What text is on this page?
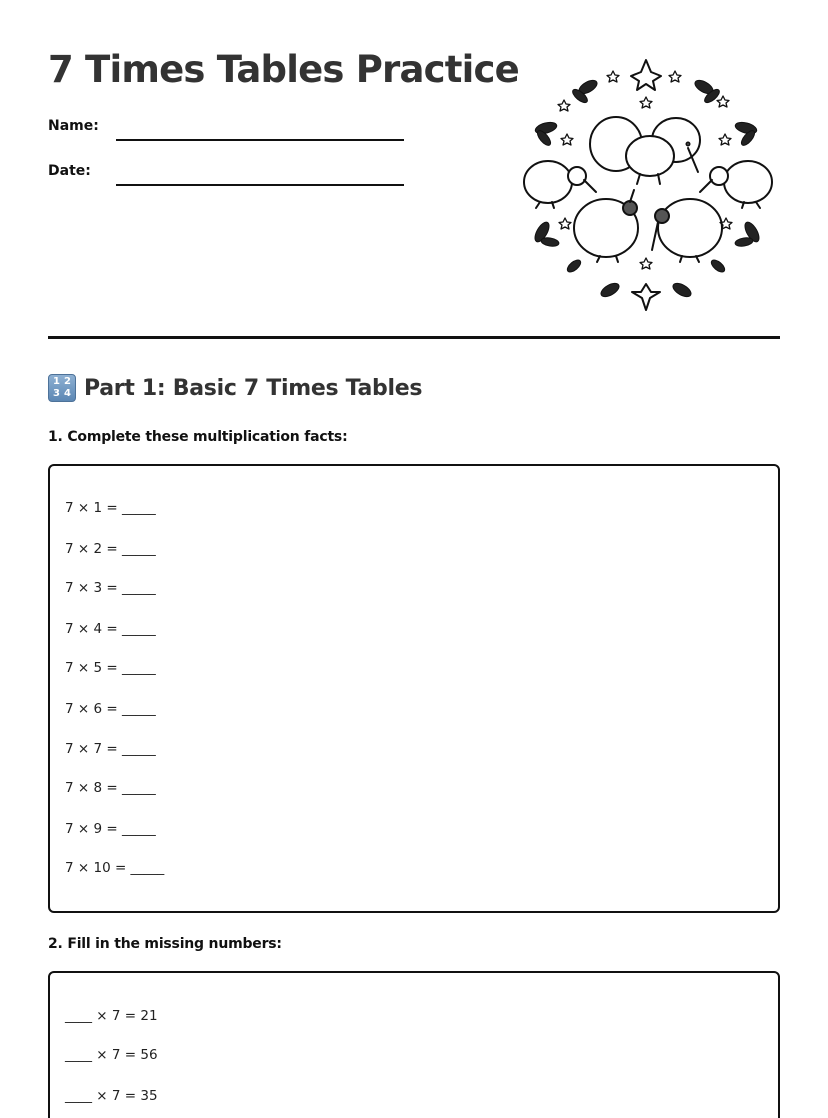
7 Times Tables Practice
Name:
Date:
1 2
3 4 Part 1: Basic 7 Times Tables
1. Complete these multiplication facts:
7 × 1 = _____
7 × 2 = _____
7 × 3 = _____
7 × 4 = _____
7 × 5 = _____
7 × 6 = _____
7 × 7 = _____
7 × 8 = _____
7 × 9 = _____
7 × 10 = _____
2. Fill in the missing numbers:
____ × 7 = 21
____ × 7 = 56
____ × 7 = 35
